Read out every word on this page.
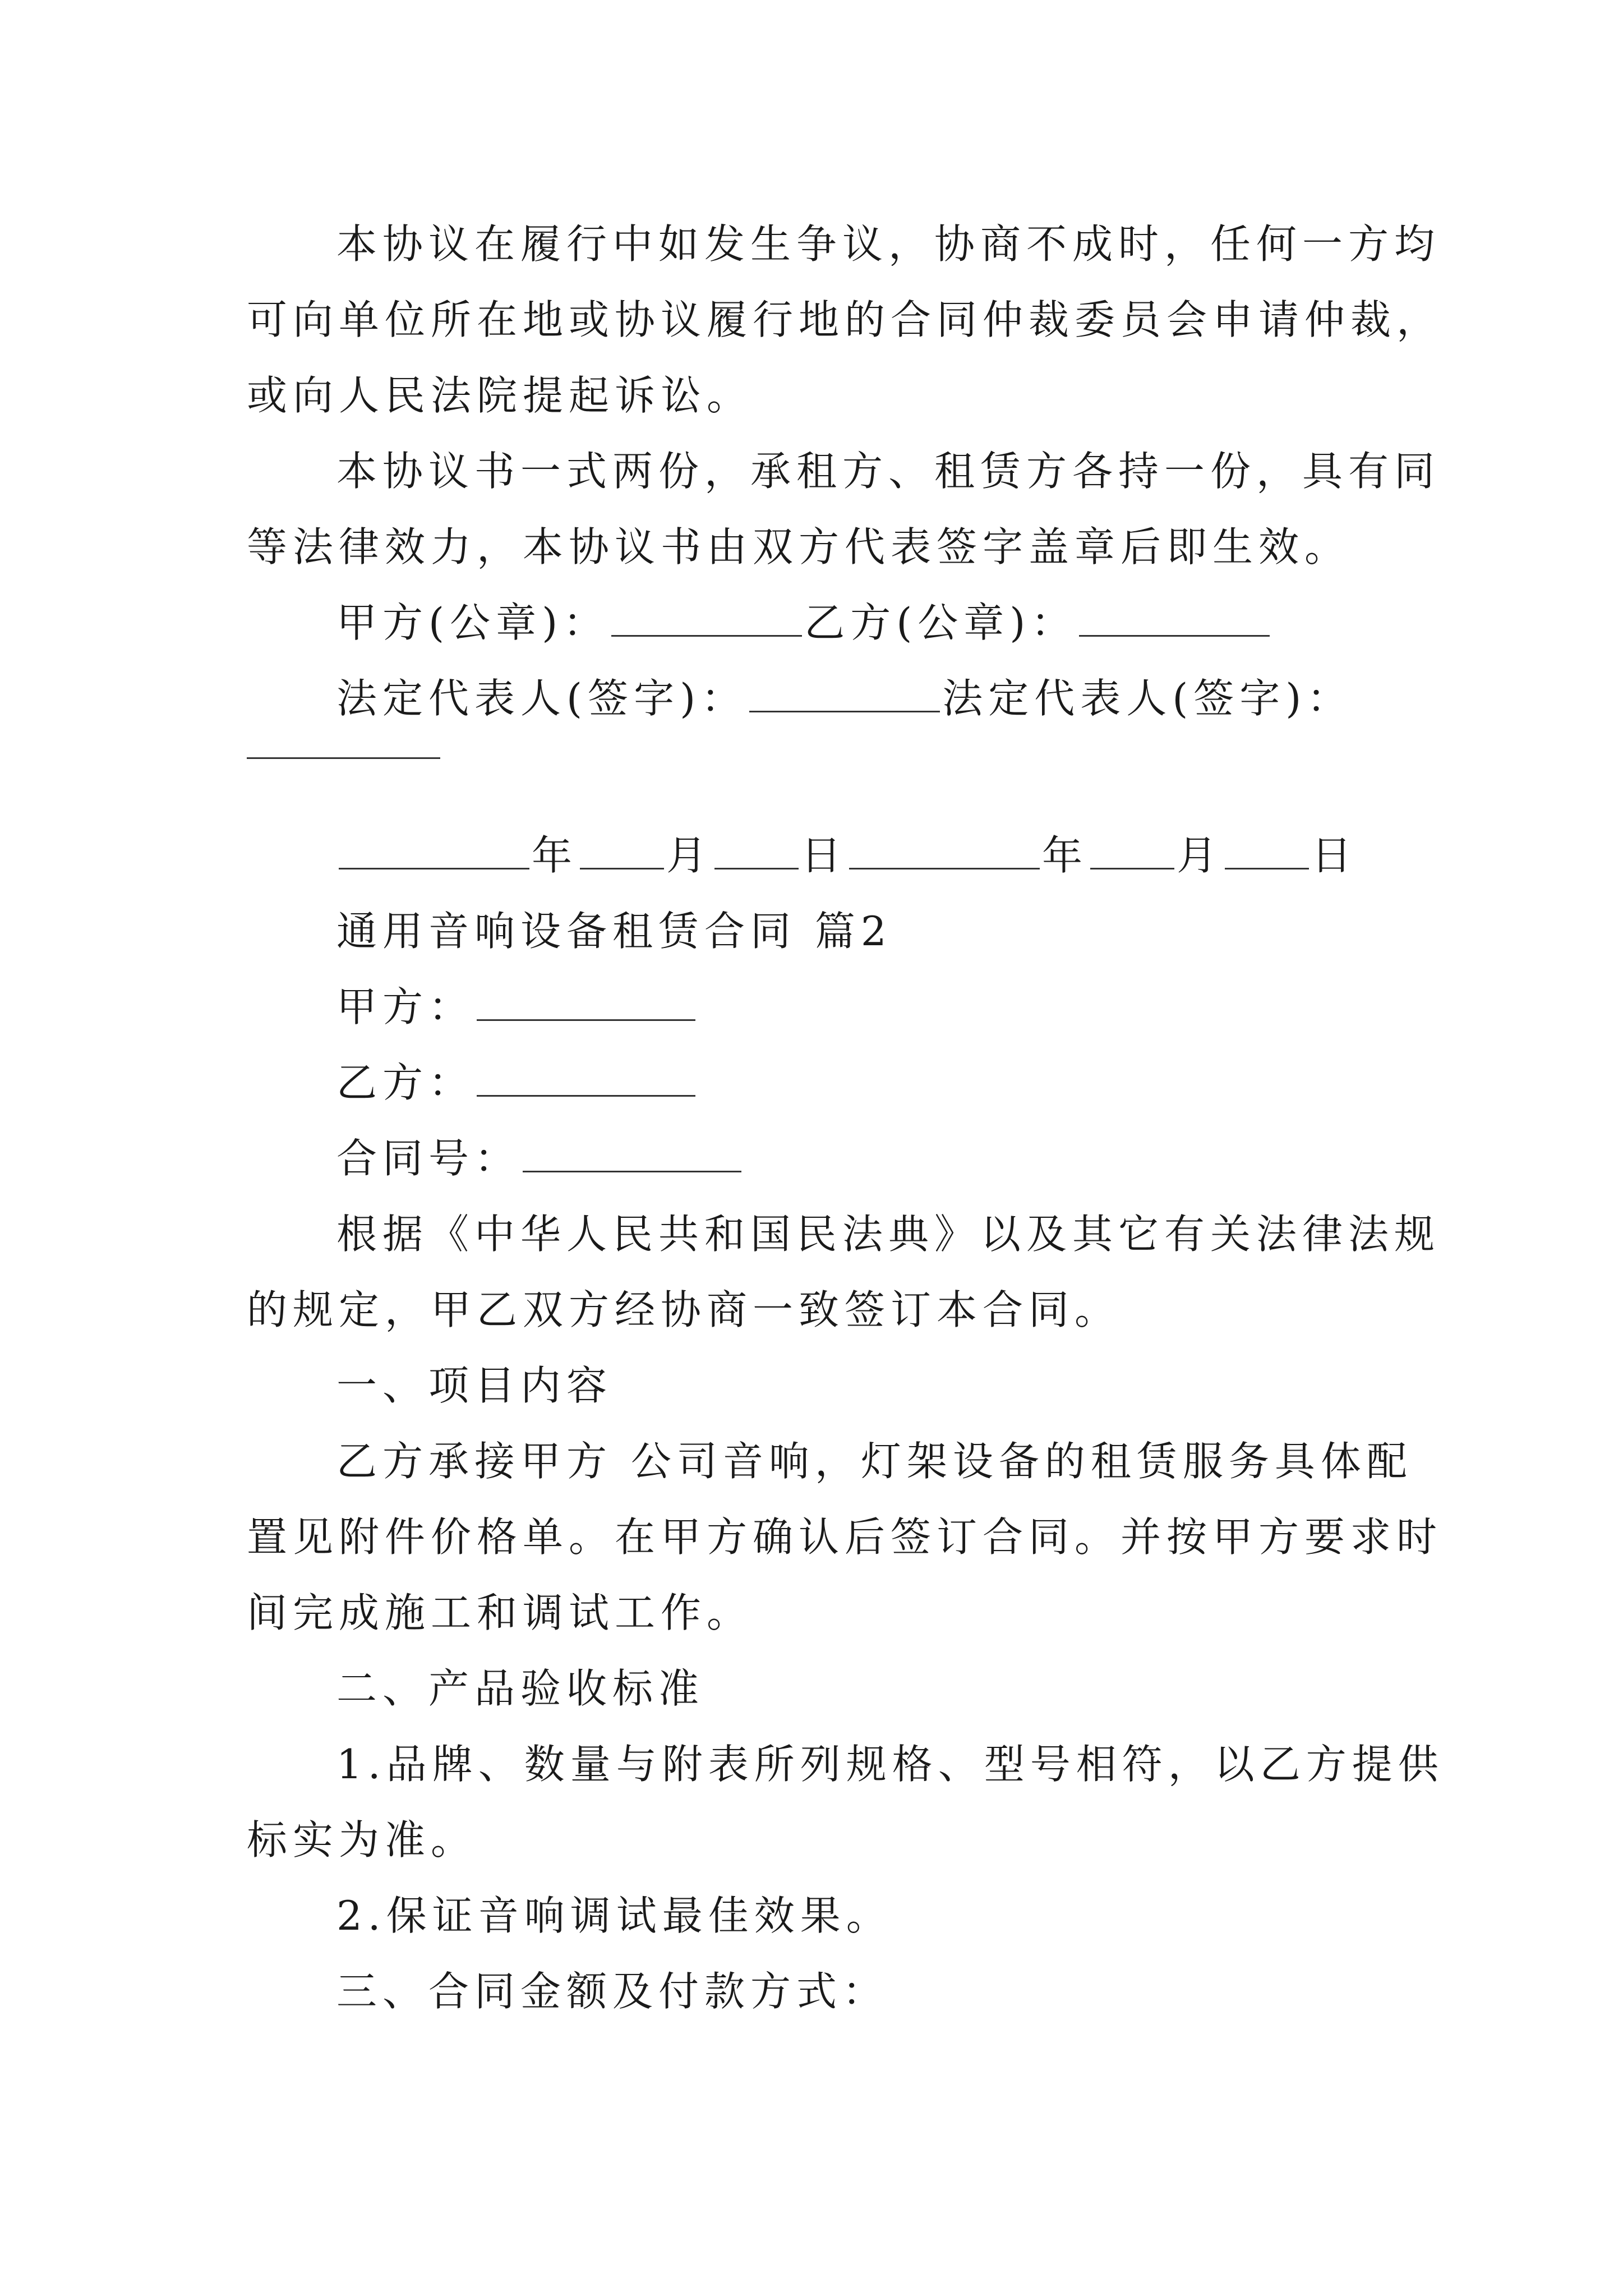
本协议在履行中如发生争议，协商不成时，任何一方均
可向单位所在地或协议履行地的合同仲裁委员会申请仲裁，
或向人民法院提起诉讼。
本协议书一式两份，承租方、租赁方各持一份，具有同
等法律效力，本协议书由双方代表签字盖章后即生效。
甲方(公章)：	乙方(公章)：
法定代表人(签字)：	法定代表人(签字)：
年 月 日	年 月 日
通用音响设备租赁合同 篇2
甲方：
乙方：
合同号：
根据《中华人民共和国民法典》以及其它有关法律法规
的规定，甲乙双方经协商一致签订本合同。
一、项目内容
乙方承接甲方 公司音响，灯架设备的租赁服务具体配
置见附件价格单。在甲方确认后签订合同。并按甲方要求时
间完成施工和调试工作。
二、产品验收标准
1.品牌、数量与附表所列规格、型号相符，以乙方提供
标实为准。
2.保证音响调试最佳效果。
三、合同金额及付款方式：
